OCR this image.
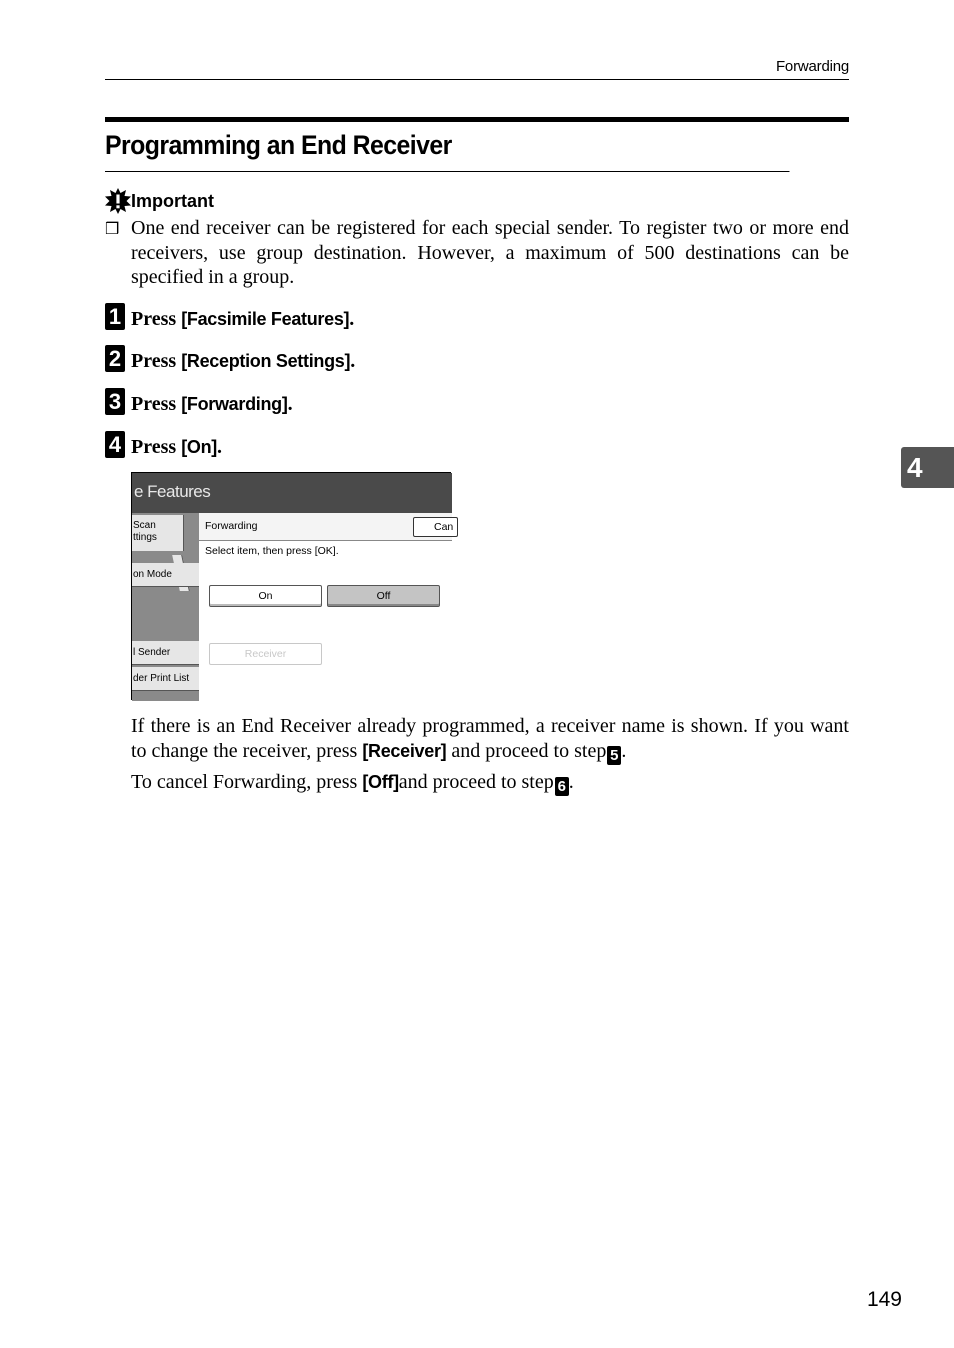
Forwarding
Programming an End Receiver
Important
❒ One end receiver can be registered for each special sender. To register two or more end receivers, use group destination. However, a maximum of 500 destinations can be specified in a group.
1 Press [Facsimile Features].
2 Press [Reception Settings].
3 Press [Forwarding].
4 Press [On].
e Features
Scan
ttings
on Mode
l Sender
der Print List
Forwarding	Can
Select item, then press [OK].
On	Off
Receiver
If there is an End Receiver already programmed, a receiver name is shown. If you want to change the receiver, press [Receiver] and proceed to step 5 .
To cancel Forwarding, press [Off]and proceed to step 6 .
4
149
